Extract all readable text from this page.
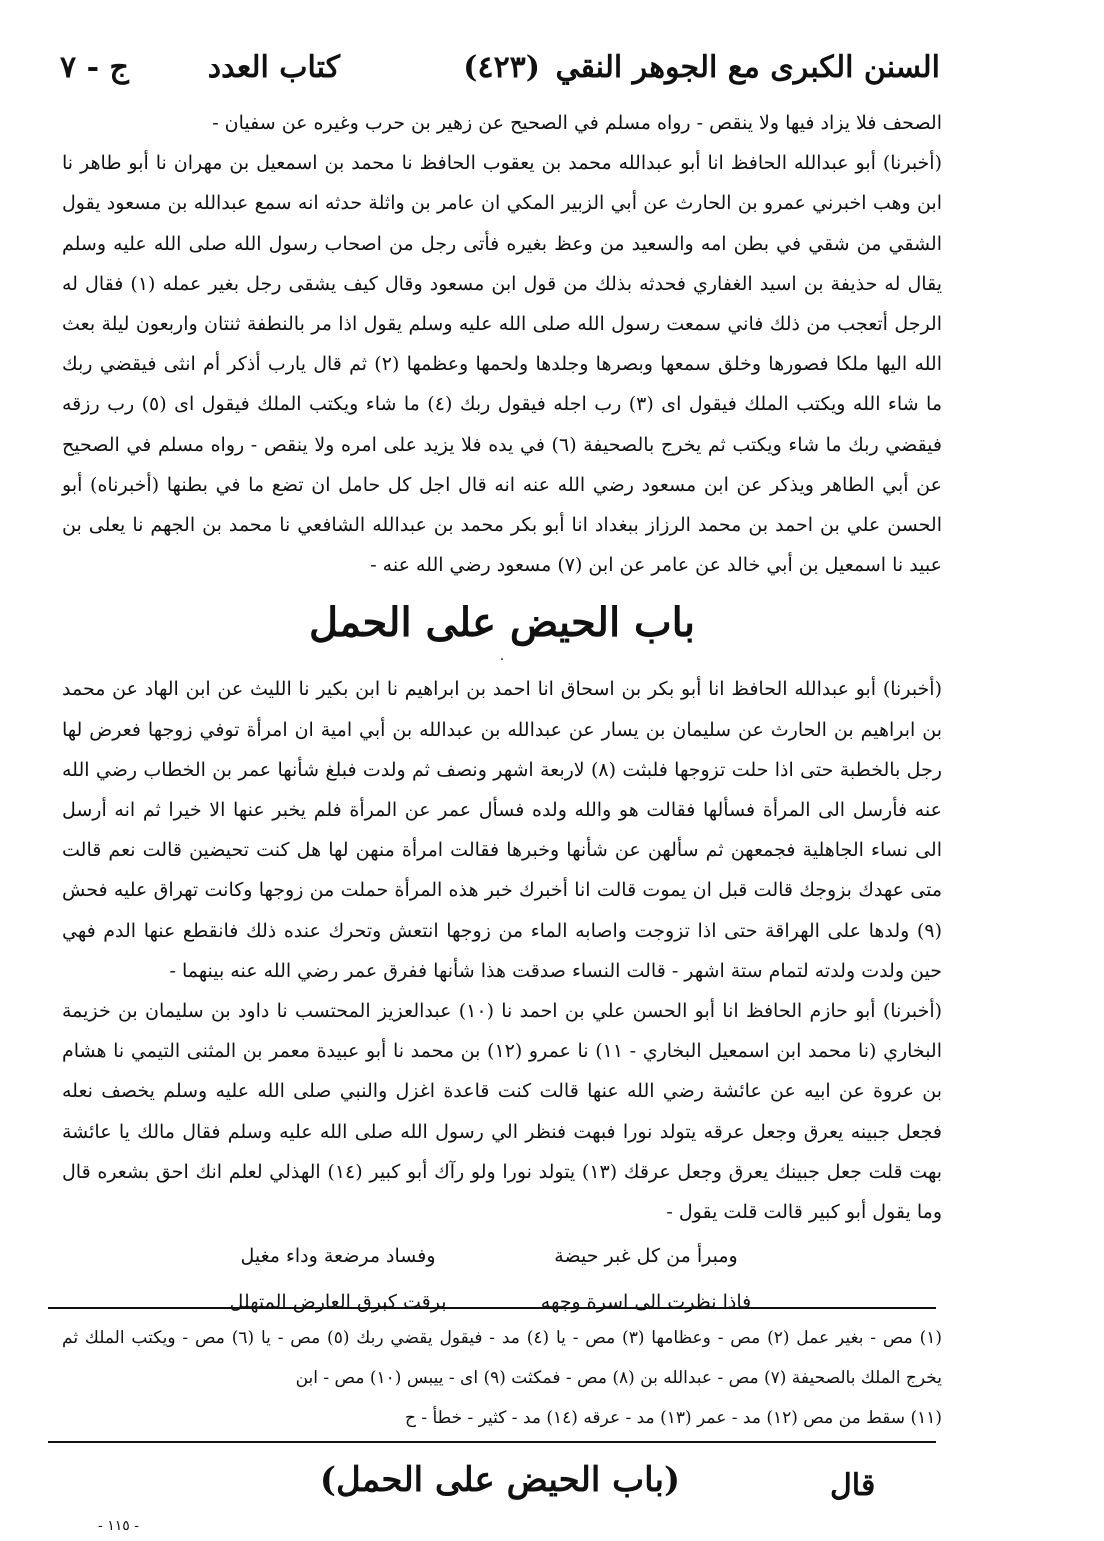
السنن الكبرى مع الجوهر النقي
(٤٢٣)
كتاب العدد
ج - ٧

الصحف فلا يزاد فيها ولا ينقص - رواه مسلم في الصحيح عن زهير بن حرب وغيره عن سفيان -

(أخبرنا) أبو عبدالله الحافظ انا أبو عبدالله محمد بن يعقوب الحافظ نا محمد بن اسمعيل بن مهران نا أبو طاهر نا ابن وهب اخبرني عمرو بن الحارث عن أبي الزبير المكي ان عامر بن واثلة حدثه انه سمع عبدالله بن مسعود يقول الشقي من شقي في بطن امه والسعيد من وعظ بغيره فأتى رجل من اصحاب رسول الله صلى الله عليه وسلم يقال له حذيفة بن اسيد الغفاري فحدثه بذلك من قول ابن مسعود وقال كيف يشقى رجل بغير عمله (١) فقال له الرجل أتعجب من ذلك فاني سمعت رسول الله صلى الله عليه وسلم يقول اذا مر بالنطفة ثنتان واربعون ليلة بعث الله اليها ملكا فصورها وخلق سمعها وبصرها وجلدها ولحمها وعظمها (٢) ثم قال يارب أذكر أم انثى فيقضي ربك ما شاء الله ويكتب الملك فيقول اى (٣) رب اجله فيقول ربك (٤) ما شاء ويكتب الملك فيقول اى (٥) رب رزقه فيقضي ربك ما شاء ويكتب ثم يخرج بالصحيفة (٦) في يده فلا يزيد على امره ولا ينقص - رواه مسلم في الصحيح عن أبي الطاهر ويذكر عن ابن مسعود رضي الله عنه انه قال اجل كل حامل ان تضع ما في بطنها (أخبرناه) أبو الحسن علي بن احمد بن محمد الرزاز ببغداد انا أبو بكر محمد بن عبدالله الشافعي نا محمد بن الجهم نا يعلى بن عبيد نا اسمعيل بن أبي خالد عن عامر عن ابن (٧) مسعود رضي الله عنه -

باب الحيض على الحمل
·

(أخبرنا) أبو عبدالله الحافظ انا أبو بكر بن اسحاق انا احمد بن ابراهيم نا ابن بكير نا الليث عن ابن الهاد عن محمد بن ابراهيم بن الحارث عن سليمان بن يسار عن عبدالله بن عبدالله بن أبي امية ان امرأة توفي زوجها فعرض لها رجل بالخطبة حتى اذا حلت تزوجها فلبثت (٨) لاربعة اشهر ونصف ثم ولدت فبلغ شأنها عمر بن الخطاب رضي الله عنه فأرسل الى المرأة فسألها فقالت هو والله ولده فسأل عمر عن المرأة فلم يخبر عنها الا خيرا ثم انه أرسل الى نساء الجاهلية فجمعهن ثم سألهن عن شأنها وخبرها فقالت امرأة منهن لها هل كنت تحيضين قالت نعم قالت متى عهدك بزوجك قالت قبل ان يموت قالت انا أخبرك خبر هذه المرأة حملت من زوجها وكانت تهراق عليه فحش (٩) ولدها على الهراقة حتى اذا تزوجت واصابه الماء من زوجها انتعش وتحرك عنده ذلك فانقطع عنها الدم فهي حين ولدت ولدته لتمام ستة اشهر - قالت النساء صدقت هذا شأنها ففرق عمر رضي الله عنه بينهما -

(أخبرنا) أبو حازم الحافظ انا أبو الحسن علي بن احمد نا (١٠) عبدالعزيز المحتسب نا داود بن سليمان بن خزيمة البخاري (نا محمد ابن اسمعيل البخاري - ١١) نا عمرو (١٢) بن محمد نا أبو عبيدة معمر بن المثنى التيمي نا هشام بن عروة عن ابيه عن عائشة رضي الله عنها قالت كنت قاعدة اغزل والنبي صلى الله عليه وسلم يخصف نعله فجعل جبينه يعرق وجعل عرقه يتولد نورا فبهت فنظر الي رسول الله صلى الله عليه وسلم فقال مالك يا عائشة بهت قلت جعل جبينك يعرق وجعل عرقك (١٣) يتولد نورا ولو رآك أبو كبير (١٤) الهذلي لعلم انك احق بشعره قال وما يقول أبو كبير قالت قلت يقول -

ومبرأ من كل غبر حيضة
وفساد مرضعة وداء مغيل
فاذا نظرت الى اسرة وجهه
برقت كبرق العارض المتهلل

(١) مص - بغير عمل (٢) مص - وعظامها (٣) مص - يا (٤) مد - فيقول يقضي ربك (٥) مص - يا (٦) مص - ويكتب الملك ثم يخرج الملك بالصحيفة (٧) مص - عبدالله بن (٨) مص - فمكثت (٩) اى - ييبس (١٠) مص - ابن

(١١) سقط من مص (١٢) مد - عمر (١٣) مد - عرقه (١٤) مد - كثير - خطأ - ح

(باب الحيض على الحمل)	قال
- ١١٥ -
